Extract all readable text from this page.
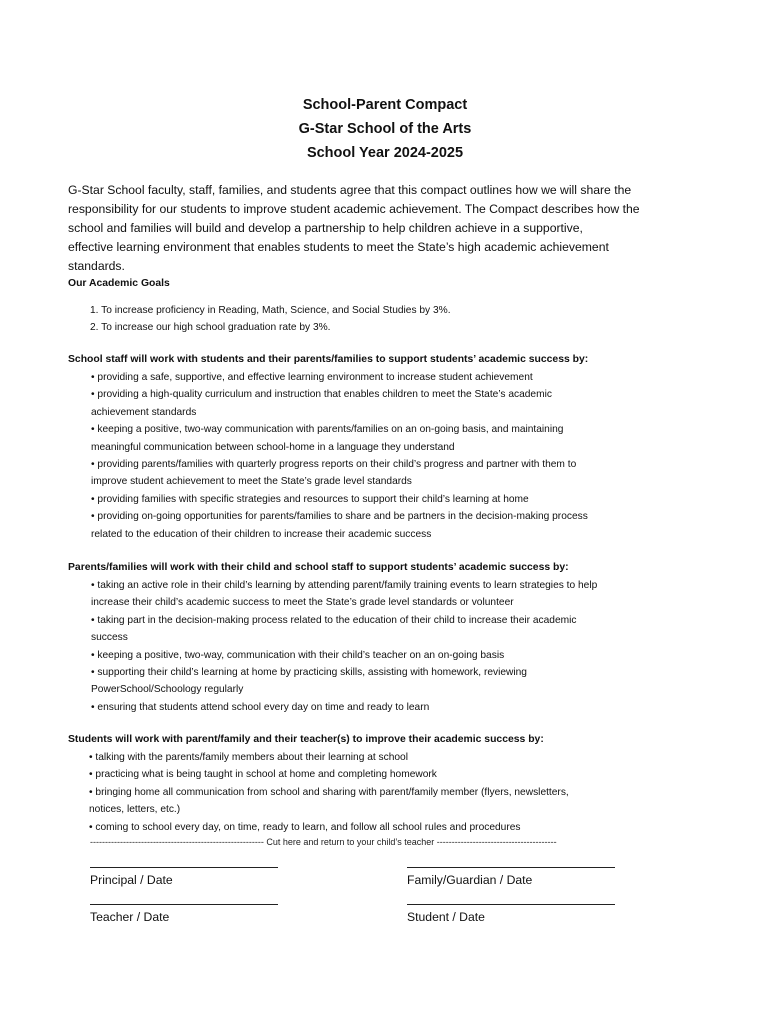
School-Parent Compact
G-Star School of the Arts
School Year 2024-2025
G-Star School faculty, staff, families, and students agree that this compact outlines how we will share the
responsibility for our students to improve student academic achievement. The Compact describes how the
school and families will build and develop a partnership to help children achieve in a supportive,
effective learning environment that enables students to meet the State’s high academic achievement
standards.
Our Academic Goals
1. To increase proficiency in Reading, Math, Science, and Social Studies by 3%.
2. To increase our high school graduation rate by 3%.
School staff will work with students and their parents/families to support students’ academic success by:
• providing a safe, supportive, and effective learning environment to increase student achievement
• providing a high-quality curriculum and instruction that enables children to meet the State’s academic
achievement standards
• keeping a positive, two-way communication with parents/families on an on-going basis, and maintaining
meaningful communication between school-home in a language they understand
• providing parents/families with quarterly progress reports on their child’s progress and partner with them to
improve student achievement to meet the State’s grade level standards
• providing families with specific strategies and resources to support their child’s learning at home
• providing on-going opportunities for parents/families to share and be partners in the decision-making process
related to the education of their children to increase their academic success
Parents/families will work with their child and school staff to support students’ academic success by:
• taking an active role in their child’s learning by attending parent/family training events to learn strategies to help
increase their child’s academic success to meet the State’s grade level standards or volunteer
• taking part in the decision-making process related to the education of their child to increase their academic
success
• keeping a positive, two-way, communication with their child’s teacher on an on-going basis
• supporting their child’s learning at home by practicing skills, assisting with homework, reviewing
PowerSchool/Schoology regularly
• ensuring that students attend school every day on time and ready to learn
Students will work with parent/family and their teacher(s) to improve their academic success by:
• talking with the parents/family members about their learning at school
• practicing what is being taught in school at home and completing homework
• bringing home all communication from school and sharing with parent/family member (flyers, newsletters,
notices, letters, etc.)
• coming to school every day, on time, ready to learn, and follow all school rules and procedures
---------------------------------------------------------- Cut here and return to your child’s teacher ----------------------------------------
Principal / Date	Family/Guardian / Date
Teacher / Date	Student / Date
